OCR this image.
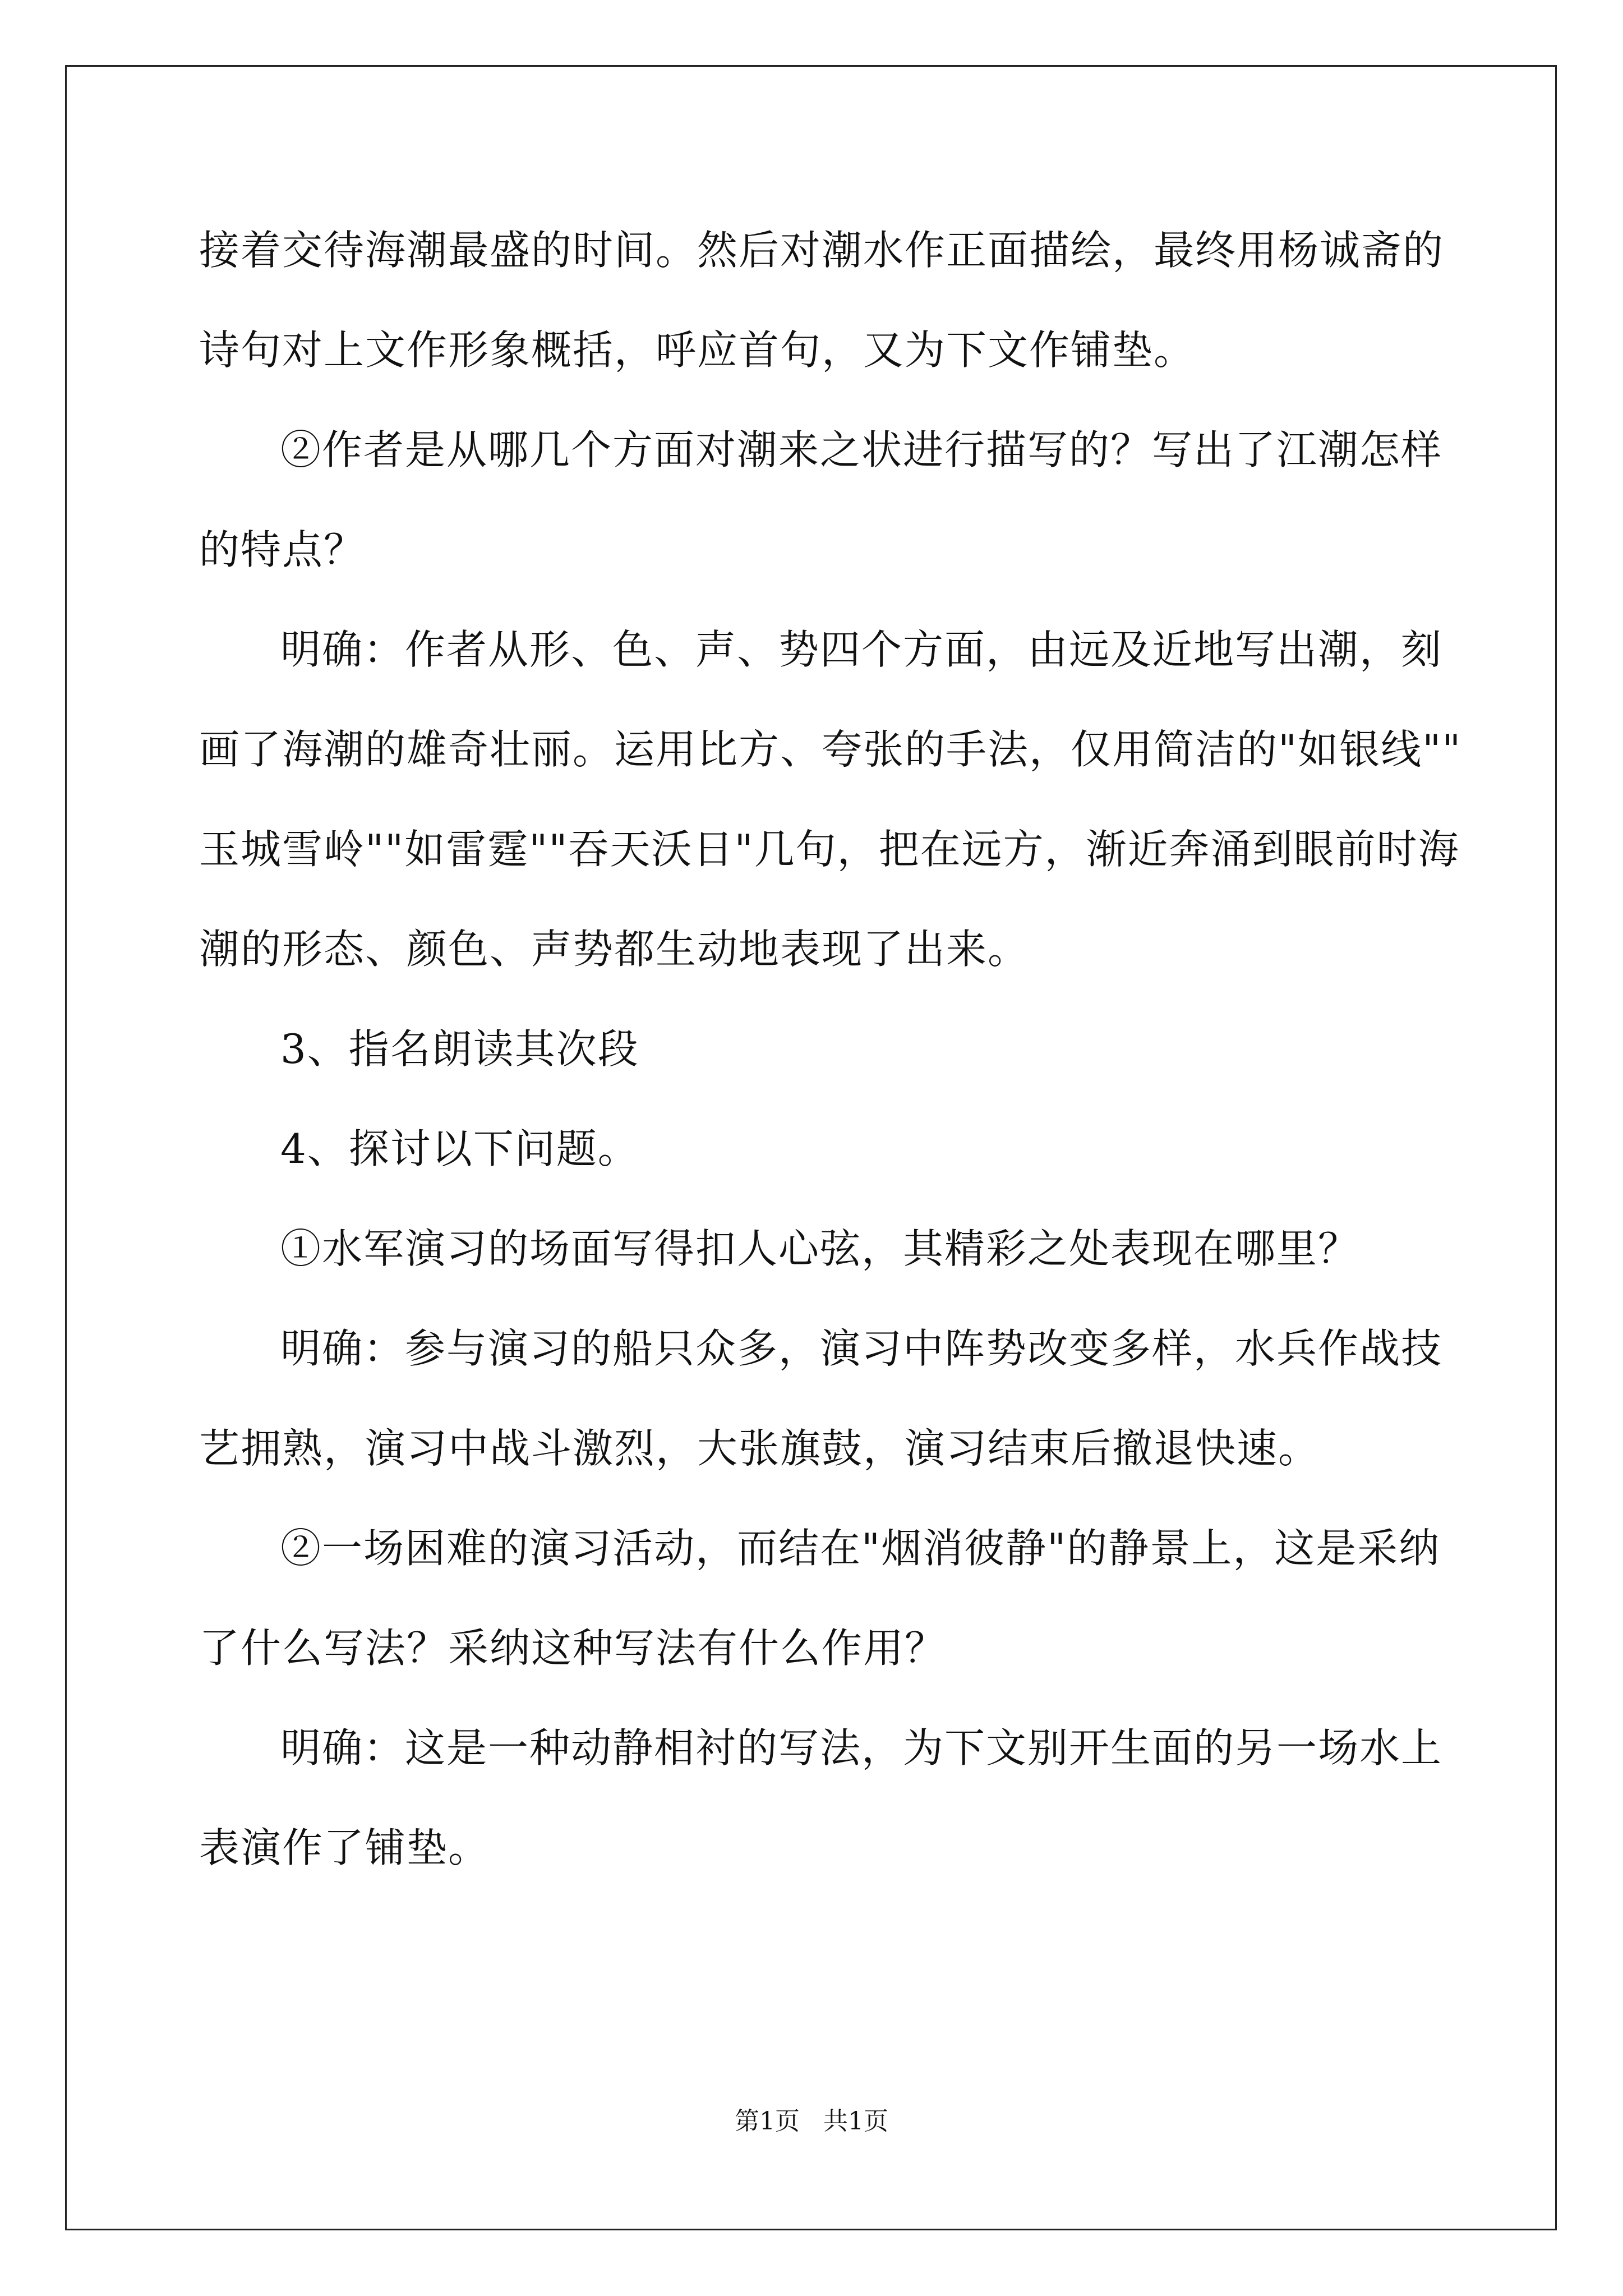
接着交待海潮最盛的时间。然后对潮水作正面描绘，最终用杨诚斋的
诗句对上文作形象概括，呼应首句，又为下文作铺垫。
②作者是从哪几个方面对潮来之状进行描写的？写出了江潮怎样
的特点？
明确：作者从形、色、声、势四个方面，由远及近地写出潮，刻
画了海潮的雄奇壮丽。运用比方、夸张的手法，仅用简洁的"如银线""
玉城雪岭""如雷霆""吞天沃日"几句，把在远方，渐近奔涌到眼前时海
潮的形态、颜色、声势都生动地表现了出来。
3、指名朗读其次段
4、探讨以下问题。
①水军演习的场面写得扣人心弦，其精彩之处表现在哪里？
明确：参与演习的船只众多，演习中阵势改变多样，水兵作战技
艺拥熟，演习中战斗激烈，大张旗鼓，演习结束后撤退快速。
②一场困难的演习活动，而结在"烟消彼静"的静景上，这是采纳
了什么写法？采纳这种写法有什么作用？
明确：这是一种动静相衬的写法，为下文别开生面的另一场水上
表演作了铺垫。
第1页   共1页
